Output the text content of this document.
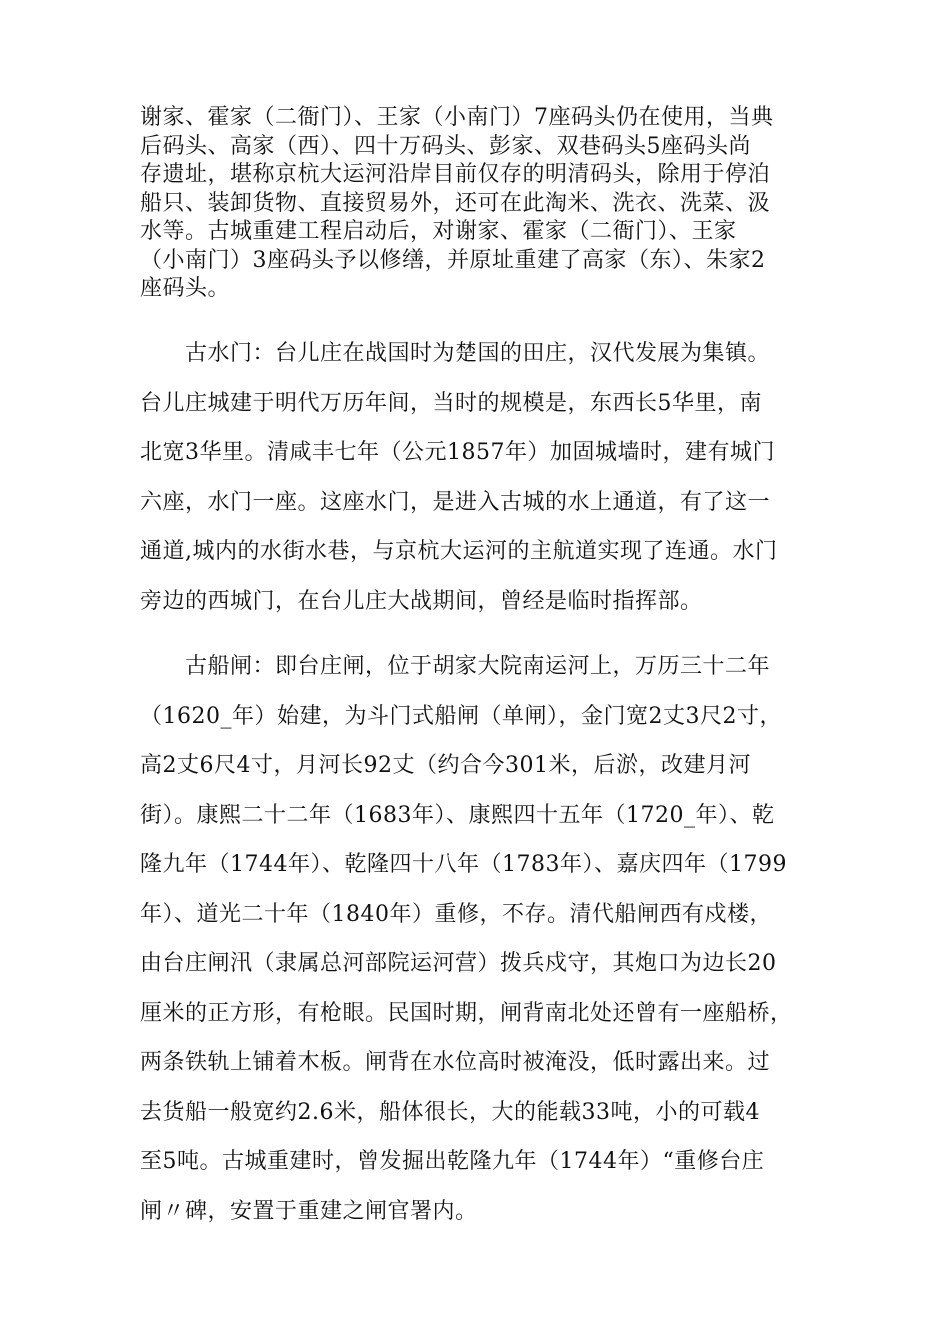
谢家、霍家（二衙门）、王家（小南门）7座码头仍在使用，当典
后码头、高家（西）、四十万码头、彭家、双巷码头5座码头尚
存遗址，堪称京杭大运河沿岸目前仅存的明清码头，除用于停泊
船只、装卸货物、直接贸易外，还可在此淘米、洗衣、洗菜、汲
水等。古城重建工程启动后，对谢家、霍家（二衙门）、王家
（小南门）3座码头予以修缮，并原址重建了高家（东）、朱家2
座码头。

　　古水门：台儿庄在战国时为楚国的田庄，汉代发展为集镇。
台儿庄城建于明代万历年间，当时的规模是，东西长5华里，南
北宽3华里。清咸丰七年（公元1857年）加固城墙时，建有城门
六座，水门一座。这座水门，是进入古城的水上通道，有了这一
通道,城内的水街水巷，与京杭大运河的主航道实现了连通。水门
旁边的西城门，在台儿庄大战期间，曾经是临时指挥部。

　　古船闸：即台庄闸，位于胡家大院南运河上，万历三十二年
（1620_年）始建，为斗门式船闸（单闸），金门宽2丈3尺2寸，
高2丈6尺4寸，月河长92丈（约合今301米，后淤，改建月河
街）。康熙二十二年（1683年）、康熙四十五年（1720_年）、乾
隆九年（1744年）、乾隆四十八年（1783年）、嘉庆四年（1799
年）、道光二十年（1840年）重修，不存。清代船闸西有戍楼，
由台庄闸汛（隶属总河部院运河营）拨兵戍守，其炮口为边长20
厘米的正方形，有枪眼。民国时期，闸背南北处还曾有一座船桥，
两条铁轨上铺着木板。闸背在水位高时被淹没，低时露出来。过
去货船一般宽约2.6米，船体很长，大的能载33吨，小的可载4
至5吨。古城重建时，曾发掘出乾隆九年（1744年）“重修台庄
闸〃碑，安置于重建之闸官署内。
